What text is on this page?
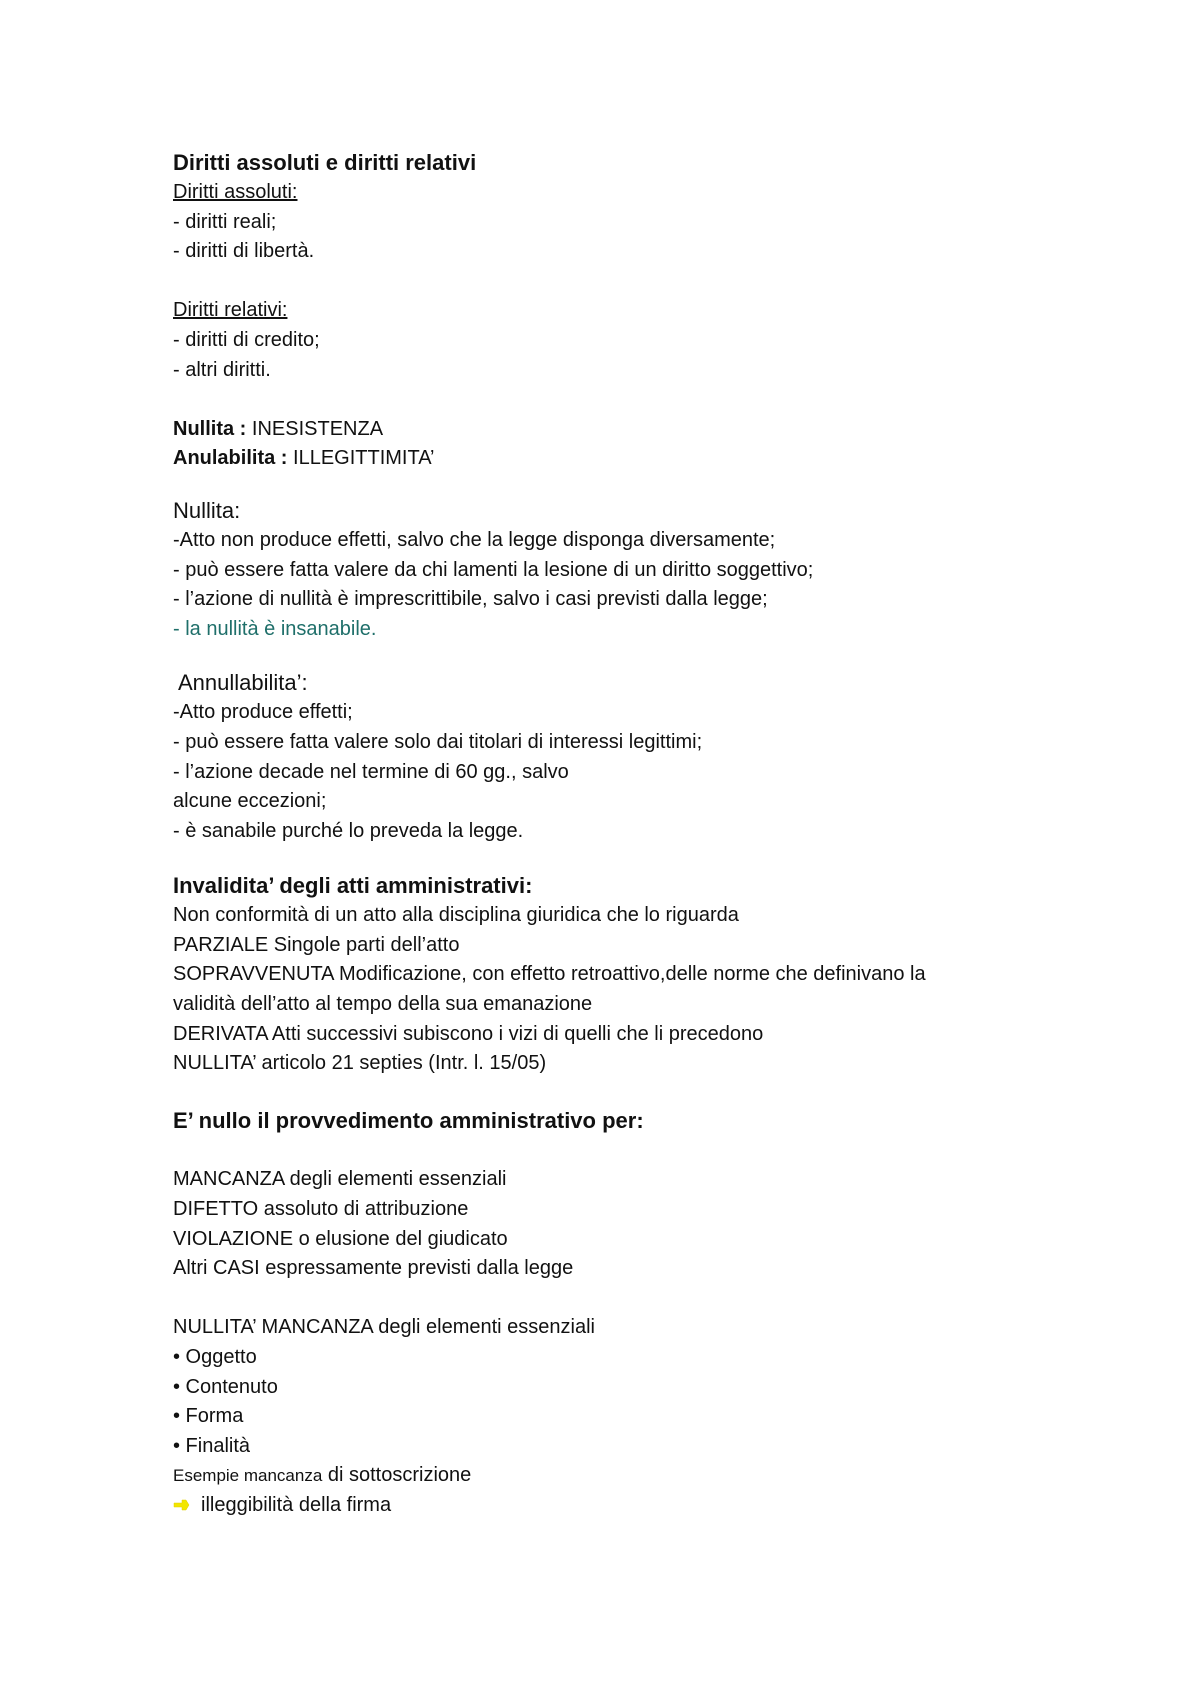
Diritti assoluti e diritti relativi
Diritti assoluti:
- diritti reali;
- diritti di libertà.
Diritti relativi:
- diritti di credito;
- altri diritti.
Nullita : INESISTENZA
Anulabilita : ILLEGITTIMITA’
Nullita:
-Atto non produce effetti, salvo che la legge disponga diversamente;
- può essere fatta valere da chi lamenti la lesione di un diritto soggettivo;
- l’azione di nullità è imprescrittibile, salvo i casi previsti dalla legge;
- la nullità è insanabile.
Annullabilita’:
-Atto produce effetti;
- può essere fatta valere solo dai titolari di interessi legittimi;
- l’azione decade nel termine di 60 gg., salvo
alcune eccezioni;
- è sanabile purché lo preveda la legge.
Invalidita’ degli atti amministrativi:
Non conformità di un atto alla disciplina giuridica che lo riguarda
PARZIALE Singole parti dell’atto
SOPRAVVENUTA Modificazione, con effetto retroattivo,delle norme che definivano la
validità dell’atto al tempo della sua emanazione
DERIVATA Atti successivi subiscono i vizi di quelli che li precedono
NULLITA’ articolo 21 septies (Intr. l. 15/05)
E’ nullo il provvedimento amministrativo per:
MANCANZA degli elementi essenziali
DIFETTO assoluto di attribuzione
VIOLAZIONE o elusione del giudicato
Altri CASI espressamente previsti dalla legge
NULLITA’ MANCANZA degli elementi essenziali
• Oggetto
• Contenuto
• Forma
• Finalità
Esempie mancanza di sottoscrizione
illeggibilità della firma
